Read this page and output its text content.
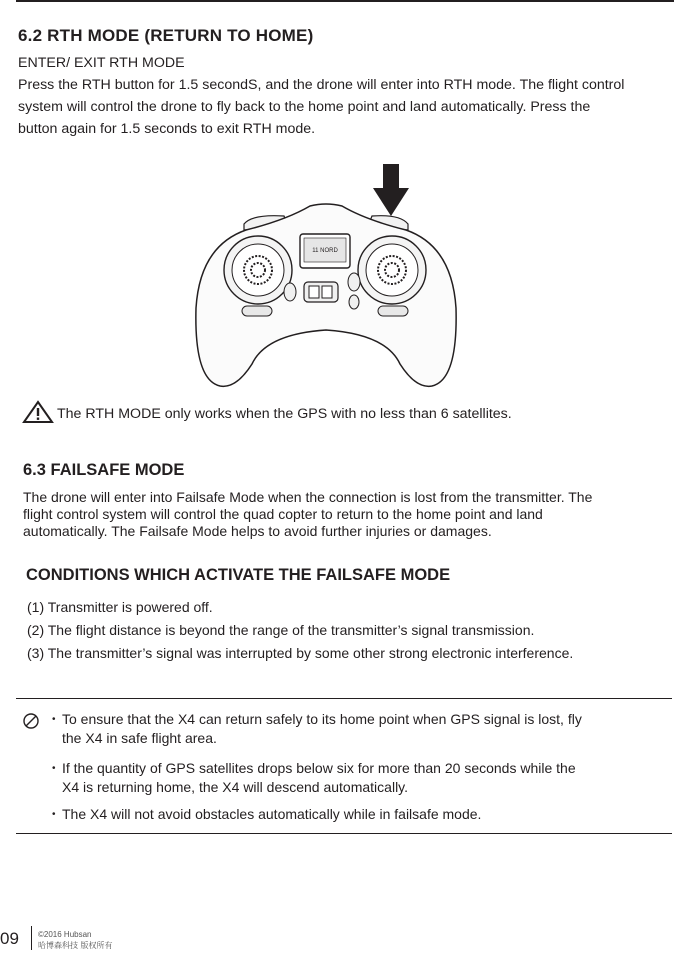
6.2 RTH MODE (RETURN TO HOME)
ENTER/ EXIT RTH MODE
Press the RTH button for 1.5 secondS, and the drone will enter into RTH mode. The flight control
system will control the drone to fly back to the home point and land automatically. Press the
button again for 1.5 seconds to exit RTH mode.
11 NORD
The RTH MODE only works when the GPS with no less than 6 satellites.
6.3 FAILSAFE MODE
The drone will enter into Failsafe Mode when the connection is lost from the transmitter. The
flight control system will control the quad copter to return to the home point and land
automatically. The Failsafe Mode helps to avoid further injuries or damages.
CONDITIONS WHICH ACTIVATE THE FAILSAFE MODE
(1) Transmitter is powered off.
(2) The flight distance is beyond the range of the transmitter’s signal transmission.
(3) The transmitter’s signal was interrupted by some other strong electronic interference.
• To ensure that the X4 can return safely to its home point when GPS signal is lost, fly
the X4 in safe flight area.
• If the quantity of GPS satellites drops below six for more than 20 seconds while the
X4 is returning home, the X4 will descend automatically.
• The X4 will not avoid obstacles automatically while in failsafe mode.
09 ©2016 Hubsan
哈博森科技 版权所有
